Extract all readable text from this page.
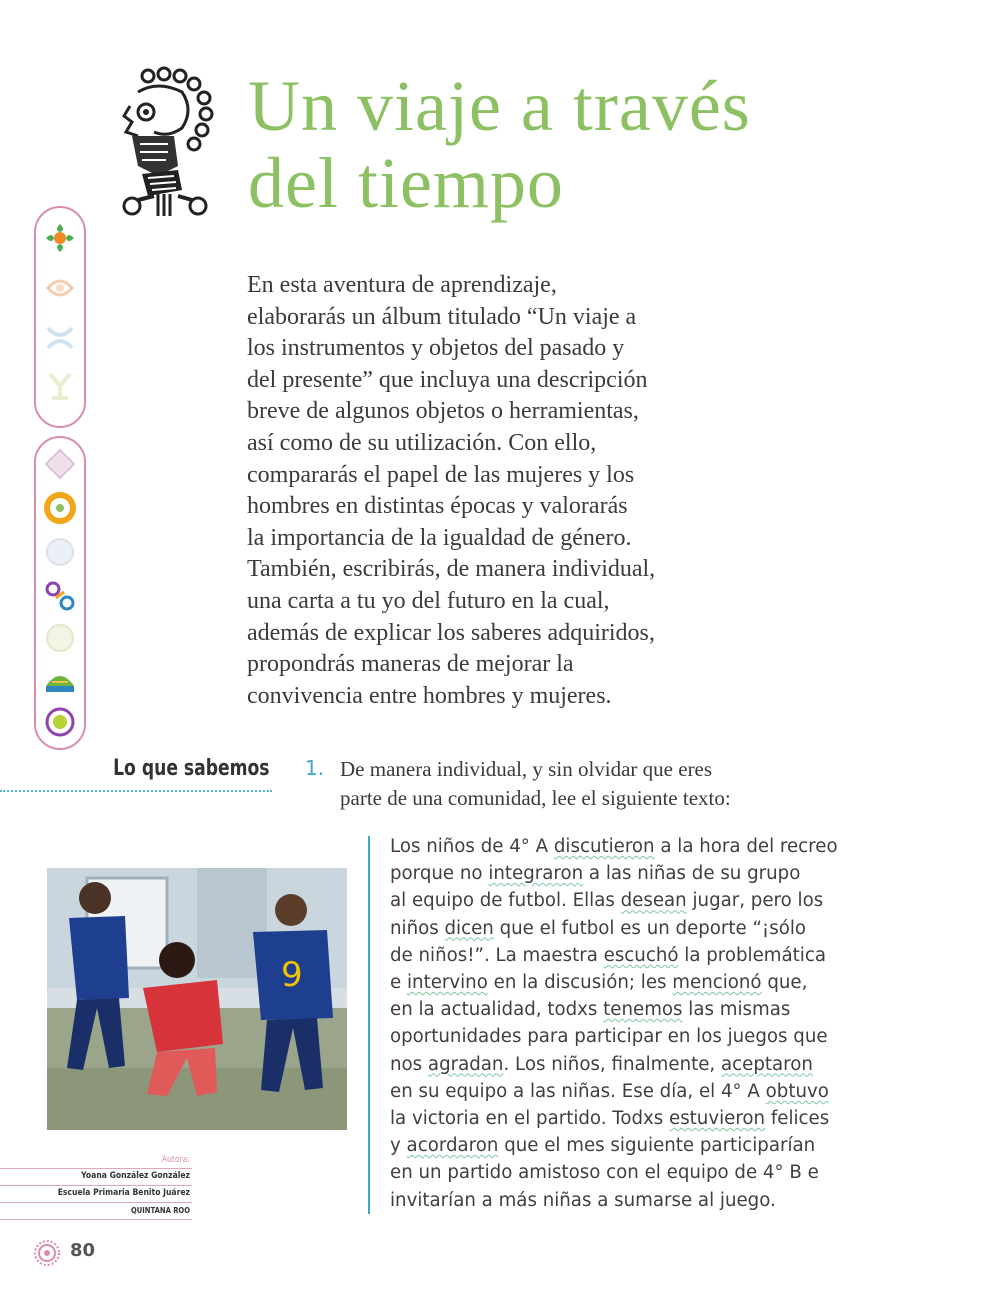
Un viaje a través
del tiempo
En esta aventura de aprendizaje,
elaborarás un álbum titulado “Un viaje a
los instrumentos y objetos del pasado y
del presente” que incluya una descripción
breve de algunos objetos o herramientas,
así como de su utilización. Con ello,
compararás el papel de las mujeres y los
hombres en distintas épocas y valorarás
la importancia de la igualdad de género.
También, escribirás, de manera individual,
una carta a tu yo del futuro en la cual,
además de explicar los saberes adquiridos,
propondrás maneras de mejorar la
convivencia entre hombres y mujeres.
Lo que sabemos 1. De manera individual, y sin olvidar que eres
parte de una comunidad, lee el siguiente texto:
9
Los niños de 4° A discutieron a la hora del recreo
porque no integraron a las niñas de su grupo
al equipo de futbol. Ellas desean jugar, pero los
niños dicen que el futbol es un deporte “¡sólo
de niños!”. La maestra escuchó la problemática
e intervino en la discusión; les mencionó que,
en la actualidad, todxs tenemos las mismas
oportunidades para participar en los juegos que
nos agradan. Los niños, finalmente, aceptaron
en su equipo a las niñas. Ese día, el 4° A obtuvo
la victoria en el partido. Todxs estuvieron felices
y acordaron que el mes siguiente participarían
en un partido amistoso con el equipo de 4° B e
invitarían a más niñas a sumarse al juego.
Autora:
Yoana González González
Escuela Primaria Benito Juárez
QUINTANA ROO
80
